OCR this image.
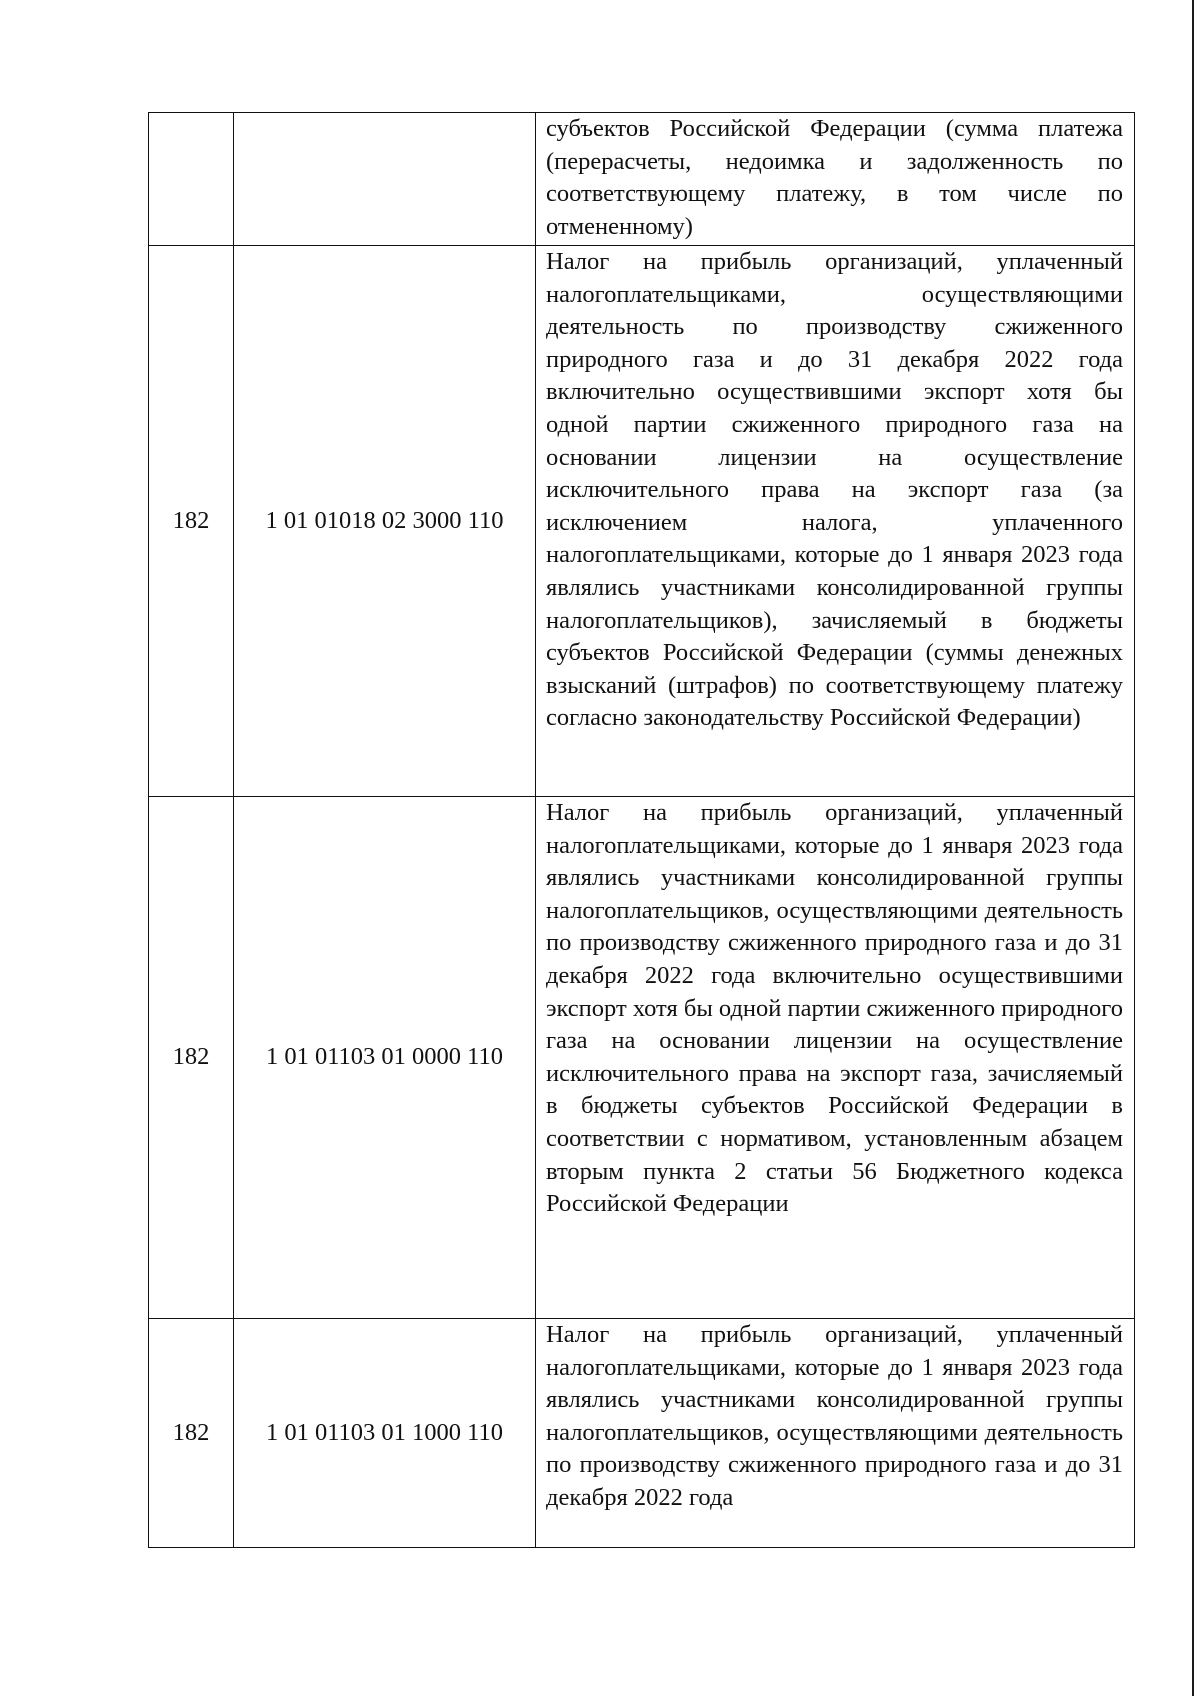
		субъектов Российской Федерации (сумма платежа (перерасчеты, недоимка и задолженность по соответствующему платежу, в том числе по отмененному)
182	1 01 01018 02 3000 110	Налог на прибыль организаций, уплаченный налогоплательщиками, осуществляющими деятельность по производству сжиженного природного газа и до 31 декабря 2022 года включительно осуществившими экспорт хотя бы одной партии сжиженного природного газа на основании лицензии на осуществление исключительного права на экспорт газа (за исключением налога, уплаченного налогоплательщиками, которые до 1 января 2023 года являлись участниками консолидированной группы налогоплательщиков), зачисляемый в бюджеты субъектов Российской Федерации (суммы денежных взысканий (штрафов) по соответствующему платежу согласно законодательству Российской Федерации)
182	1 01 01103 01 0000 110	Налог на прибыль организаций, уплаченный налогоплательщиками, которые до 1 января 2023 года являлись участниками консолидированной группы налогоплательщиков, осуществляющими деятельность по производству сжиженного природного газа и до 31 декабря 2022 года включительно осуществившими экспорт хотя бы одной партии сжиженного природного газа на основании лицензии на осуществление исключительного права на экспорт газа, зачисляемый в бюджеты субъектов Российской Федерации в соответствии с нормативом, установленным абзацем вторым пункта 2 статьи 56 Бюджетного кодекса Российской Федерации
182	1 01 01103 01 1000 110	Налог на прибыль организаций, уплаченный налогоплательщиками, которые до 1 января 2023 года являлись участниками консолидированной группы налогоплательщиков, осуществляющими деятельность по производству сжиженного природного газа и до 31 декабря 2022 года
